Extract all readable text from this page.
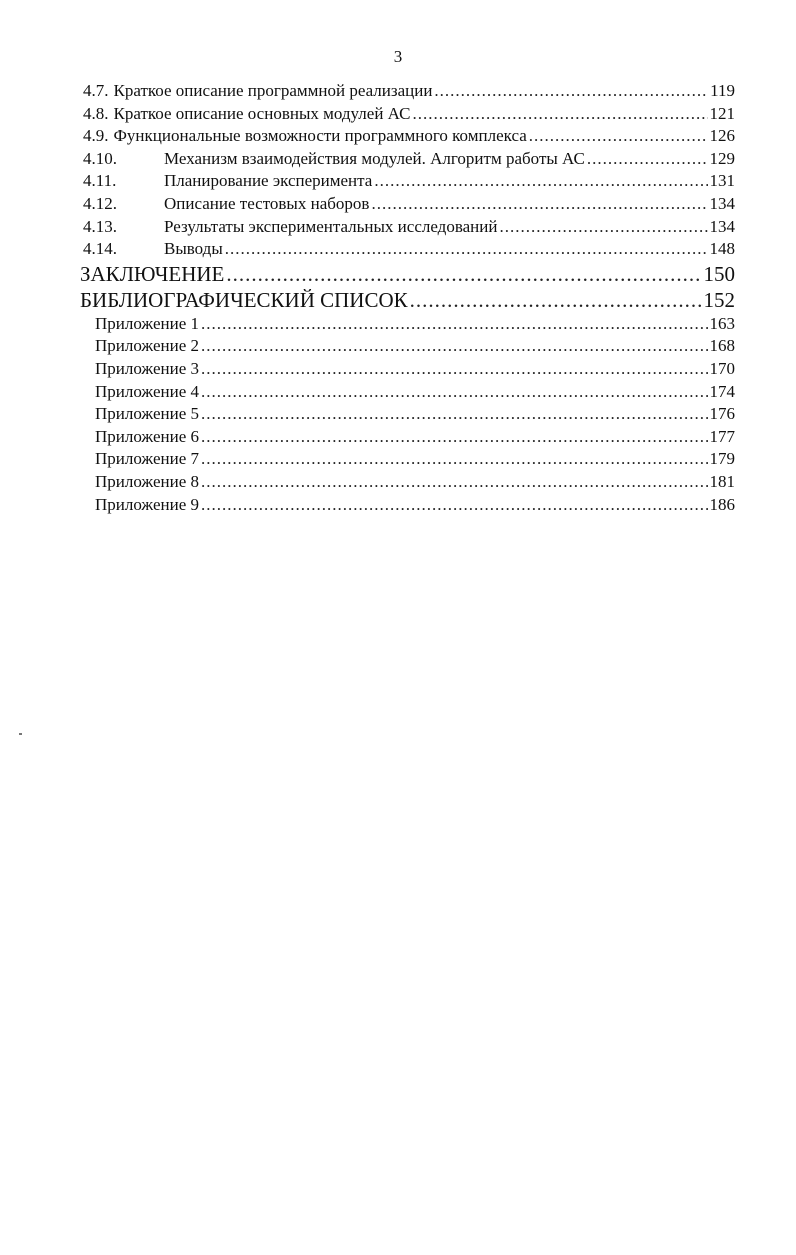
3
4.7. Краткое описание программной реализации .....	119
4.8. Краткое описание основных модулей АС .....	121
4.9. Функциональные возможности программного комплекса .....	126
4.10.	Механизм взаимодействия модулей. Алгоритм работы АС .....	129
4.11.	Планирование эксперимента .....	131
4.12.	Описание тестовых наборов .....	134
4.13.	Результаты экспериментальных исследований .....	134
4.14.	Выводы .....	148
ЗАКЛЮЧЕНИЕ .....	150
БИБЛИОГРАФИЧЕСКИЙ СПИСОК .....	152
Приложение 1 .....	163
Приложение 2 .....	168
Приложение 3 .....	170
Приложение 4 .....	174
Приложение 5 .....	176
Приложение 6 .....	177
Приложение 7 .....	179
Приложение 8 .....	181
Приложение 9 .....	186
